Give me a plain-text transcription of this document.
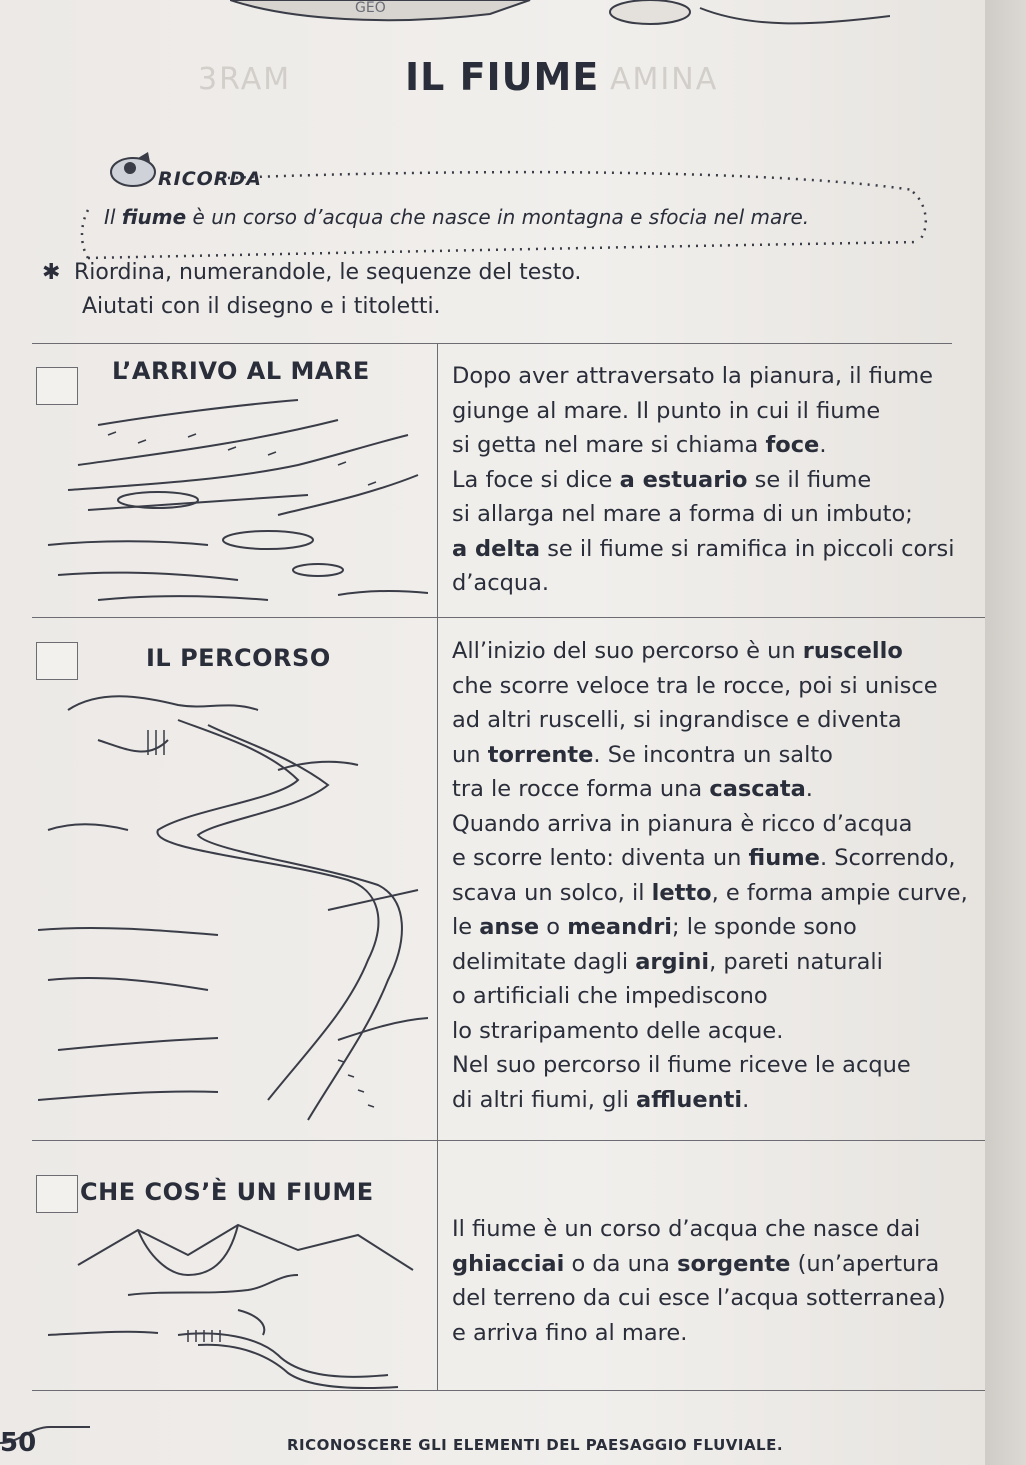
GEO
3RAM	AMINA
IL FIUME
RICORDA
Il fiume è un corso d’acqua che nasce in montagna e sfocia nel mare.
✱ Riordina, numerandole, le sequenze del testo.
Aiutati con il disegno e i titoletti.
L’ARRIVO AL MARE	Dopo aver attraversato la pianura, il fiume
giunge al mare. Il punto in cui il fiume
si getta nel mare si chiama foce.
La foce si dice a estuario se il fiume
si allarga nel mare a forma di un imbuto;
a delta se il fiume si ramifica in piccoli corsi
d’acqua.
IL PERCORSO	All’inizio del suo percorso è un ruscello
che scorre veloce tra le rocce, poi si unisce
ad altri ruscelli, si ingrandisce e diventa
un torrente. Se incontra un salto
tra le rocce forma una cascata.
Quando arriva in pianura è ricco d’acqua
e scorre lento: diventa un fiume. Scorrendo,
scava un solco, il letto, e forma ampie curve,
le anse o meandri; le sponde sono
delimitate dagli argini, pareti naturali
o artificiali che impediscono
lo straripamento delle acque.
Nel suo percorso il fiume riceve le acque
di altri fiumi, gli affluenti.
CHE COS’È UN FIUME
Il fiume è un corso d’acqua che nasce dai
ghiacciai o da una sorgente (un’apertura
del terreno da cui esce l’acqua sotterranea)
e arriva fino al mare.
50	RICONOSCERE GLI ELEMENTI DEL PAESAGGIO FLUVIALE.
